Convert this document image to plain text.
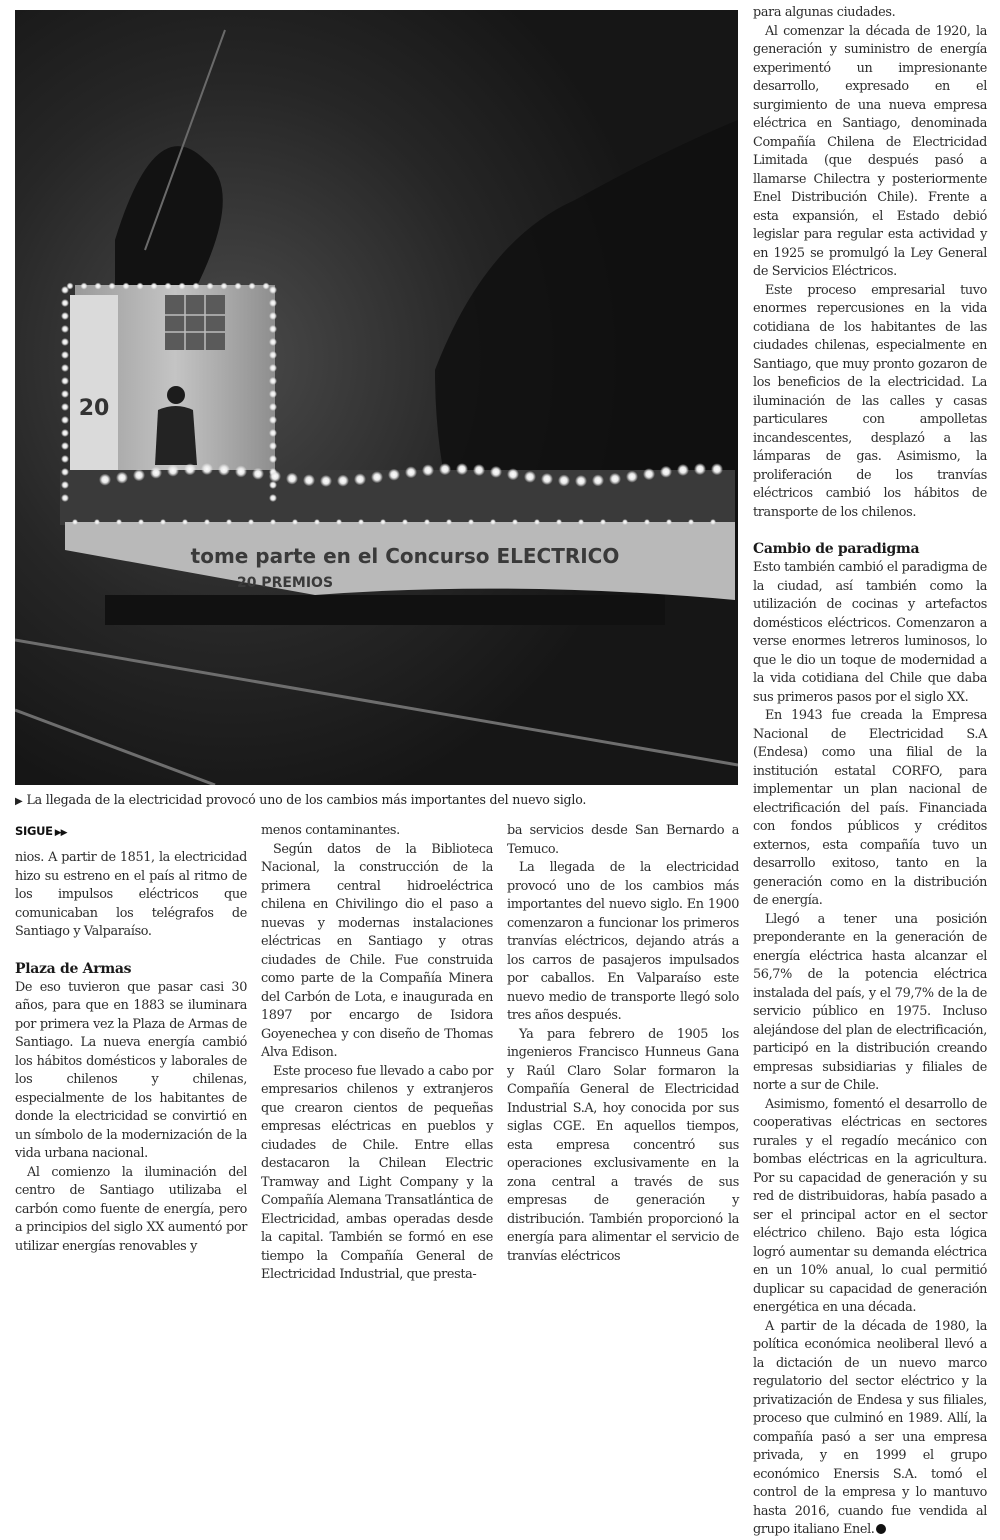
20
tome parte en el Concurso ELECTRICO
20 PREMIOS
▶ La llegada de la electricidad provocó uno de los cambios más importantes del nuevo siglo.
SIGUE ▶▶

nios. A partir de 1851, la electricidad hizo su estreno en el país al ritmo de los impulsos eléctricos que comunicaban los telégrafos de Santiago y Valparaíso.

Plaza de Armas

De eso tuvieron que pasar casi 30 años, para que en 1883 se iluminara por primera vez la Plaza de Armas de Santiago. La nueva energía cambió los hábitos domésticos y laborales de los chilenos y chilenas, especialmente de los habitantes de donde la electricidad se convirtió en un símbolo de la modernización de la vida urbana nacional.

Al comienzo la iluminación del centro de Santiago utilizaba el carbón como fuente de energía, pero a principios del siglo XX aumentó por utilizar energías renovables y

menos contaminantes.

Según datos de la Biblioteca Nacional, la construcción de la primera central hidroeléctrica chilena en Chivilingo dio el paso a nuevas y modernas instalaciones eléctricas en Santiago y otras ciudades de Chile. Fue construida como parte de la Compañía Minera del Carbón de Lota, e inaugurada en 1897 por encargo de Isidora Goyenechea y con diseño de Thomas Alva Edison.

Este proceso fue llevado a cabo por empresarios chilenos y extranjeros que crearon cientos de pequeñas empresas eléctricas en pueblos y ciudades de Chile. Entre ellas destacaron la Chilean Electric Tramway and Light Company y la Compañía Alemana Transatlántica de Electricidad, ambas operadas desde la capital. También se formó en ese tiempo la Compañía General de Electricidad Industrial, que presta-

ba servicios desde San Bernardo a Temuco.

La llegada de la electricidad provocó uno de los cambios más importantes del nuevo siglo. En 1900 comenzaron a funcionar los primeros tranvías eléctricos, dejando atrás a los carros de pasajeros impulsados por caballos. En Valparaíso este nuevo medio de transporte llegó solo tres años después.

Ya para febrero de 1905 los ingenieros Francisco Hunneus Gana y Raúl Claro Solar formaron la Compañía General de Electricidad Industrial S.A, hoy conocida por sus siglas CGE. En aquellos tiempos, esta empresa concentró sus operaciones exclusivamente en la zona central a través de sus empresas de generación y distribución. También proporcionó la energía para alimentar el servicio de tranvías eléctricos

para algunas ciudades.

Al comenzar la década de 1920, la generación y suministro de energía experimentó un impresionante desarrollo, expresado en el surgimiento de una nueva empresa eléctrica en Santiago, denominada Compañía Chilena de Electricidad Limitada (que después pasó a llamarse Chilectra y posteriormente Enel Distribución Chile). Frente a esta expansión, el Estado debió legislar para regular esta actividad y en 1925 se promulgó la Ley General de Servicios Eléctricos.

Este proceso empresarial tuvo enormes repercusiones en la vida cotidiana de los habitantes de las ciudades chilenas, especialmente en Santiago, que muy pronto gozaron de los beneficios de la electricidad. La iluminación de las calles y casas particulares con ampolletas incandescentes, desplazó a las lámparas de gas. Asimismo, la proliferación de los tranvías eléctricos cambió los hábitos de transporte de los chilenos.

Cambio de paradigma

Esto también cambió el paradigma de la ciudad, así también como la utilización de cocinas y artefactos domésticos eléctricos. Comenzaron a verse enormes letreros luminosos, lo que le dio un toque de modernidad a la vida cotidiana del Chile que daba sus primeros pasos por el siglo XX.

En 1943 fue creada la Empresa Nacional de Electricidad S.A (Endesa) como una filial de la institución estatal CORFO, para implementar un plan nacional de electrificación del país. Financiada con fondos públicos y créditos externos, esta compañía tuvo un desarrollo exitoso, tanto en la generación como en la distribución de energía.

Llegó a tener una posición preponderante en la generación de energía eléctrica hasta alcanzar el 56,7% de la potencia eléctrica instalada del país, y el 79,7% de la de servicio público en 1975. Incluso alejándose del plan de electrificación, participó en la distribución creando empresas subsidiarias y filiales de norte a sur de Chile.

Asimismo, fomentó el desarrollo de cooperativas eléctricas en sectores rurales y el regadío mecánico con bombas eléctricas en la agricultura. Por su capacidad de generación y su red de distribuidoras, había pasado a ser el principal actor en el sector eléctrico chileno. Bajo esta lógica logró aumentar su demanda eléctrica en un 10% anual, lo cual permitió duplicar su capacidad de generación energética en una década.

A partir de la década de 1980, la política económica neoliberal llevó a la dictación de un nuevo marco regulatorio del sector eléctrico y la privatización de Endesa y sus filiales, proceso que culminó en 1989. Allí, la compañía pasó a ser una empresa privada, y en 1999 el grupo económico Enersis S.A. tomó el control de la empresa y lo mantuvo hasta 2016, cuando fue vendida al grupo italiano Enel.
